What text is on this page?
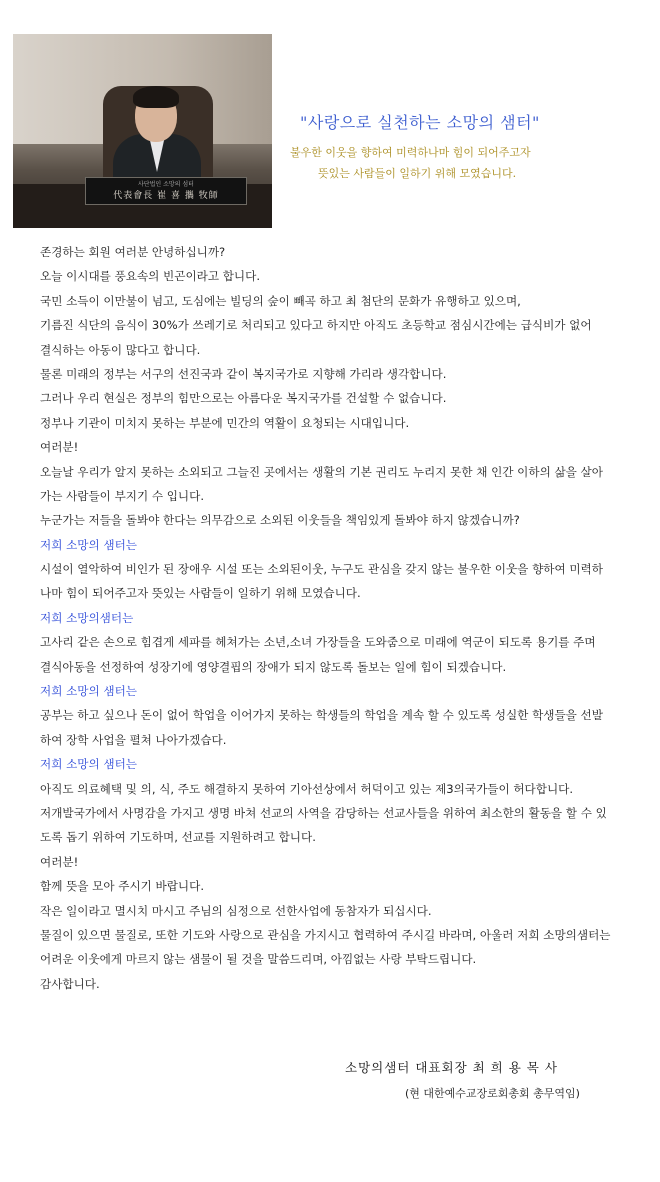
사단법인 소망의 섬터
代表會長 崔 喜 攜 牧師
"사랑으로 실천하는 소망의 샘터"
불우한 이웃을 향하여 미력하나마 힘이 되어주고자
뜻있는 사람들이 일하기 위해 모였습니다.
존경하는 회원 여러분 안녕하십니까?
오늘 이시대를 풍요속의 빈곤이라고 합니다.
국민 소득이 이만불이 넘고, 도심에는 빌딩의 숲이 빼곡 하고 최 첨단의 문화가 유행하고 있으며,
기름진 식단의 음식이 30%가 쓰레기로 처리되고 있다고 하지만 아직도 초등학교 점심시간에는 급식비가 없어
결식하는 아동이 많다고 합니다.
물론 미래의 정부는 서구의 선진국과 같이 복지국가로 지향해 가리라 생각합니다.
그러나 우리 현실은 정부의 힘만으로는 아름다운 복지국가를 건설할 수 없습니다.
정부나 기관이 미치지 못하는 부분에 민간의 역활이 요청되는 시대입니다.
여러분!
오늘날 우리가 알지 못하는 소외되고 그늘진 곳에서는 생활의 기본 권리도 누리지 못한 채 인간 이하의 삶을 살아
가는 사람들이 부지기 수 입니다.
누군가는 저들을 돌봐야 한다는 의무감으로 소외된 이웃들을 책임있게 돌봐야 하지 않겠습니까?
저희 소망의 샘터는
시설이 열악하여 비인가 된 장애우 시설 또는 소외된이웃, 누구도 관심을 갖지 않는 불우한 이웃을 향하여 미력하
나마 힘이 되어주고자 뜻있는 사람들이 일하기 위해 모였습니다.
저희 소망의샘터는
고사리 같은 손으로 힘겹게 세파를 헤쳐가는 소년,소녀 가장들을 도와줌으로 미래에 역군이 되도록 용기를 주며
결식아동을 선정하여 성장기에 영양결핍의 장애가 되지 않도록 돌보는 일에 힘이 되겠습니다.
저희 소망의 샘터는
공부는 하고 싶으나 돈이 없어 학업을 이어가지 못하는 학생들의 학업을 계속 할 수 있도록 성실한 학생들을 선발
하여 장학 사업을 펼쳐 나아가겠습다.
저희 소망의 샘터는
아직도 의료혜택 및 의, 식, 주도 해결하지 못하여 기아선상에서 허덕이고 있는 제3의국가들이 허다합니다.
저개발국가에서 사명감을 가지고 생명 바쳐 선교의 사역을 감당하는 선교사들을 위하여 최소한의 활동을 할 수 있
도록 돕기 위하여 기도하며, 선교를 지원하려고 합니다.
여러분!
함께 뜻을 모아 주시기 바랍니다.
작은 일이라고 멸시치 마시고 주님의 심정으로 선한사업에 동참자가 되십시다.
물질이 있으면 물질로, 또한 기도와 사랑으로 관심을 가지시고 협력하여 주시길 바라며, 아울러 저희 소망의샘터는
어려운 이웃에게 마르지 않는 샘물이 될 것을 말씀드리며, 아낌없는 사랑 부탁드립니다.
감사합니다.
소망의샘터 대표회장 최 희 용 목 사
(현 대한예수교장로회총회 총무역임)
